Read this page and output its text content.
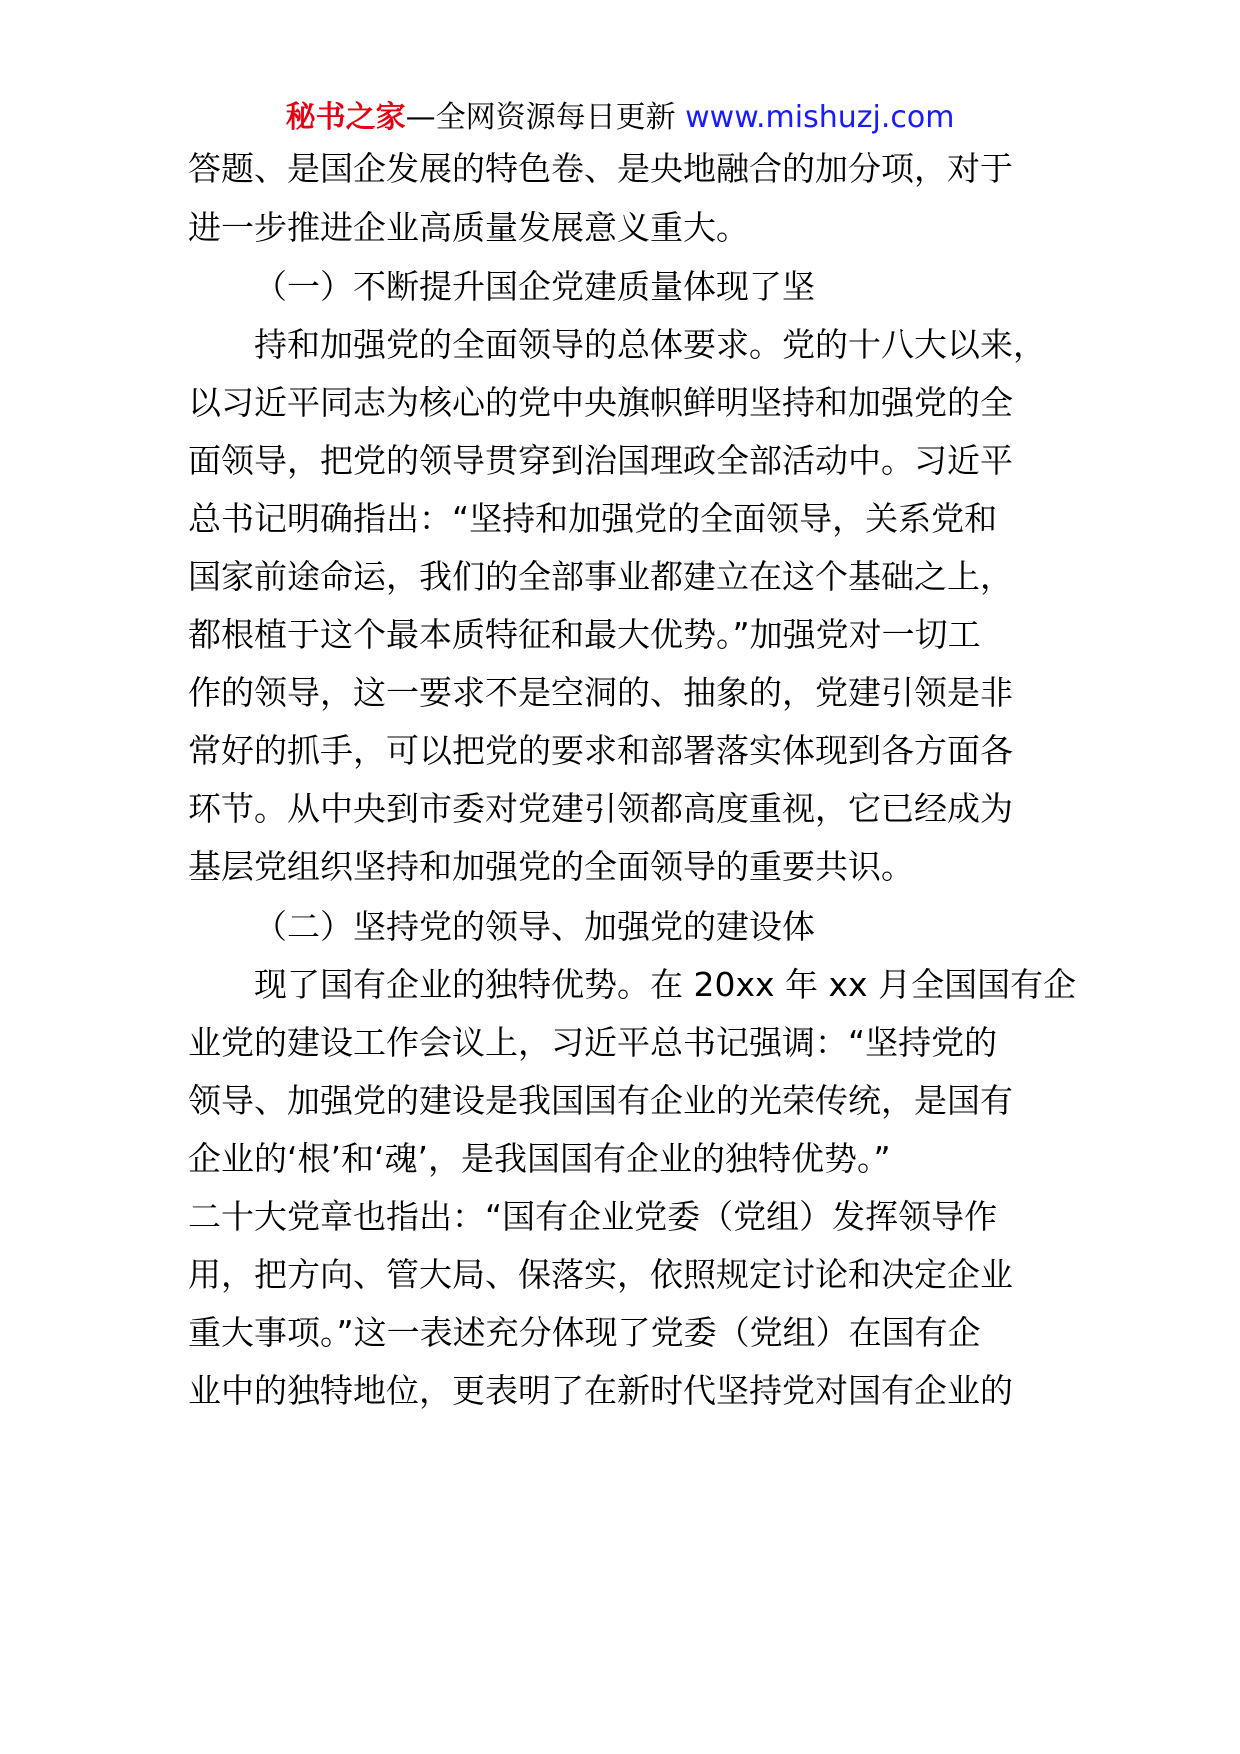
秘书之家—全网资源每日更新 www.mishuzj.com
答题、是国企发展的特色卷、是央地融合的加分项，对于
进一步推进企业高质量发展意义重大。
（一）不断提升国企党建质量体现了坚
持和加强党的全面领导的总体要求。党的十八大以来，
以习近平同志为核心的党中央旗帜鲜明坚持和加强党的全
面领导，把党的领导贯穿到治国理政全部活动中。习近平
总书记明确指出：“坚持和加强党的全面领导，关系党和
国家前途命运，我们的全部事业都建立在这个基础之上，
都根植于这个最本质特征和最大优势。”加强党对一切工
作的领导，这一要求不是空洞的、抽象的，党建引领是非
常好的抓手，可以把党的要求和部署落实体现到各方面各
环节。从中央到市委对党建引领都高度重视，它已经成为
基层党组织坚持和加强党的全面领导的重要共识。
（二）坚持党的领导、加强党的建设体
现了国有企业的独特优势。在 20xx 年 xx 月全国国有企
业党的建设工作会议上，习近平总书记强调：“坚持党的
领导、加强党的建设是我国国有企业的光荣传统，是国有
企业的‘根’和‘魂’，是我国国有企业的独特优势。”
二十大党章也指出：“国有企业党委（党组）发挥领导作
用，把方向、管大局、保落实，依照规定讨论和决定企业
重大事项。”这一表述充分体现了党委（党组）在国有企
业中的独特地位，更表明了在新时代坚持党对国有企业的
